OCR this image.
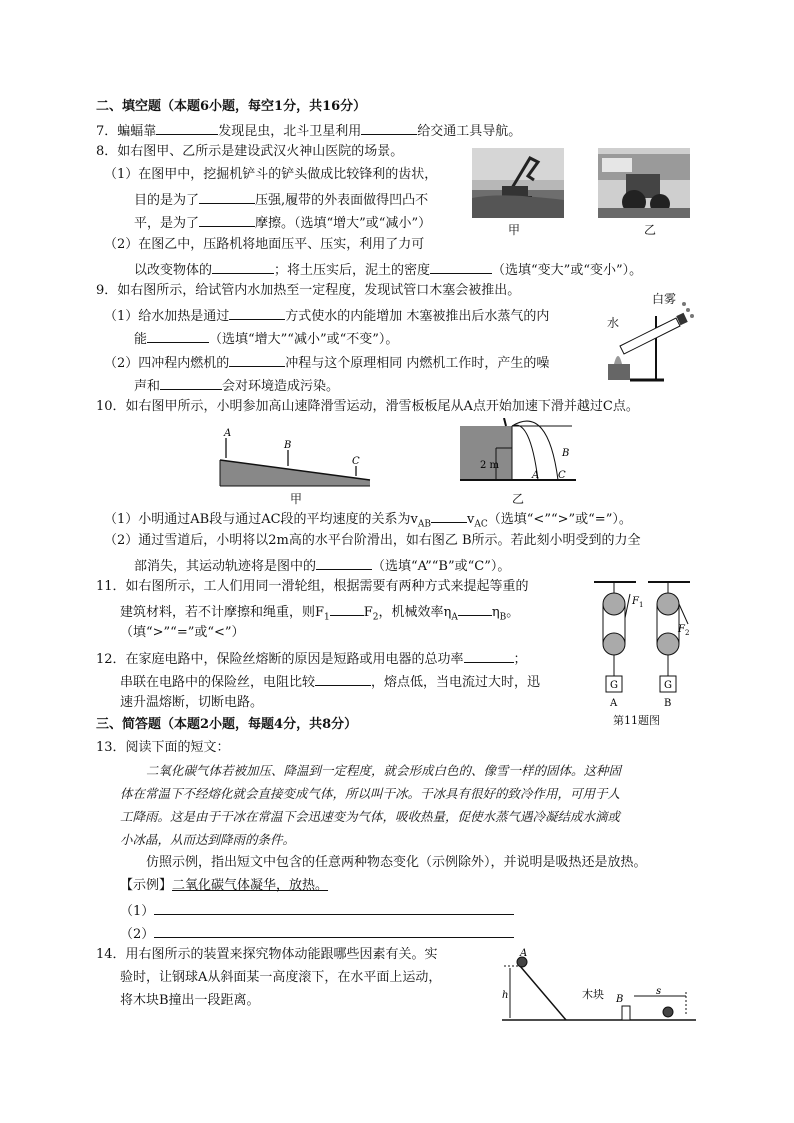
二、填空题（本题6小题，每空1分，共16分）
7．蝙蝠靠	发现昆虫，北斗卫星利用	给交通工具导航。
8．如右图甲、乙所示是建设武汉火神山医院的场景。
（1）在图甲中，挖掘机铲斗的铲头做成比较锋利的齿状，
目的是为了	压强,履带的外表面做得凹凸不
平，是为了	摩擦。（选填“增大”或“减小”）
（2）在图乙中，压路机将地面压平、压实，利用了力可
以改变物体的	；将土压实后，泥土的密度	（选填“变大”或“变小”）。
甲	乙
9．如右图所示，给试管内水加热至一定程度，发现试管口木塞会被推出。
（1）给水加热是通过	方式使水的内能增加 木塞被推出后水蒸气的内
能	（选填“增大”“减小”或“不变”）。
（2）四冲程内燃机的	冲程与这个原理相同 内燃机工作时，产生的噪
声和	会对环境造成污染。
白雾
水
10．如右图甲所示，小明参加高山速降滑雪运动，滑雪板板尾从A点开始加速下滑并越过C点。
A
B
C
甲
2 m
B
A C
乙
（1）小明通过AB段与通过AC段的平均速度的关系为$v_{AB}$	$v_{AC}$（选填“<”“>”或“=”）。
（2）通过雪道后，小明将以2m高的水平台阶滑出，如右图乙 B所示。若此刻小明受到的力全
部消失，其运动轨迹将是图中的	（选填“A”“B”或“C”）。
11．如右图所示，工人们用同一滑轮组，根据需要有两种方式来提起等重的
建筑材料，若不计摩擦和绳重，则$F_1$	$F_2$，机械效率$\eta_A$	$\eta_B$。
（填“>”“=”或“<”）
12．在家庭电路中，保险丝熔断的原因是短路或用电器的总功率	；
串联在电路中的保险丝，电阻比较	，熔点低，当电流过大时，迅
速升温熔断，切断电路。
F 1
F 2
G	G
A	B
第11题图
三、简答题（本题2小题，每题4分，共8分）
13．阅读下面的短文：
二氧化碳气体若被加压、降温到一定程度，就会形成白色的、像雪一样的固体。这种固
体在常温下不经熔化就会直接变成气体，所以叫干冰。干冰具有很好的致冷作用，可用于人
工降雨。这是由于干冰在常温下会迅速变为气体，吸收热量，促使水蒸气遇冷凝结成水滴或
小冰晶，从而达到降雨的条件。
仿照示例，指出短文中包含的任意两种物态变化（示例除外），并说明是吸热还是放热。
【示例】二氧化碳气体凝华，放热。
（1）
（2）
14．用右图所示的装置来探究物体动能跟哪些因素有关。实
验时，让钢球A从斜面某一高度滚下，在水平面上运动，
将木块B撞出一段距离。
A
h	木块 B
s
